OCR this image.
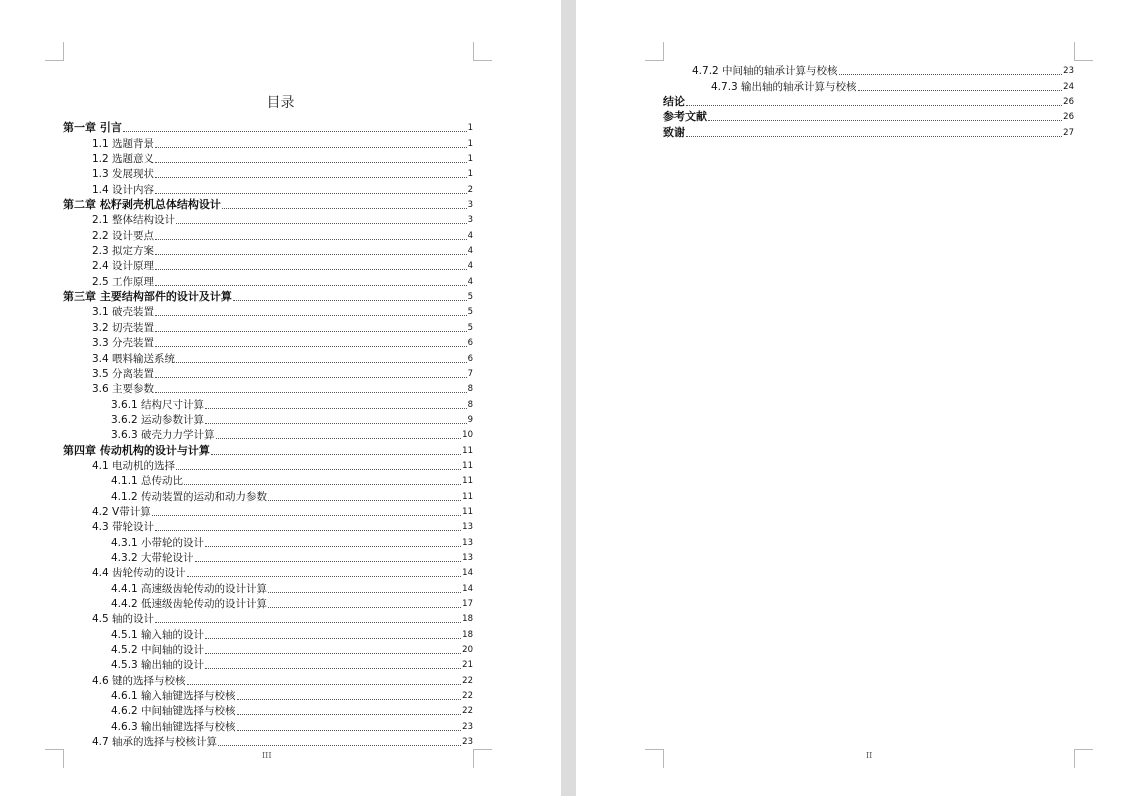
目录
第一章 引言	1
1.1 选题背景	1
1.2 选题意义	1
1.3 发展现状	1
1.4 设计内容	2
第二章 松籽剥壳机总体结构设计	3
2.1 整体结构设计	3
2.2 设计要点	4
2.3 拟定方案	4
2.4 设计原理	4
2.5 工作原理	4
第三章 主要结构部件的设计及计算	5
3.1 破壳装置	5
3.2 切壳装置	5
3.3 分壳装置	6
3.4 喂料输送系统	6
3.5 分离装置	7
3.6 主要参数	8
3.6.1 结构尺寸计算	8
3.6.2 运动参数计算	9
3.6.3 破壳力力学计算	10
第四章 传动机构的设计与计算	11
4.1 电动机的选择	11
4.1.1 总传动比	11
4.1.2 传动装置的运动和动力参数	11
4.2 V带计算	11
4.3 带轮设计	13
4.3.1 小带轮的设计	13
4.3.2 大带轮设计	13
4.4 齿轮传动的设计	14
4.4.1 高速级齿轮传动的设计计算	14
4.4.2 低速级齿轮传动的设计计算	17
4.5 轴的设计	18
4.5.1 输入轴的设计	18
4.5.2 中间轴的设计	20
4.5.3 输出轴的设计	21
4.6 键的选择与校核	22
4.6.1 输入轴键选择与校核	22
4.6.2 中间轴键选择与校核	22
4.6.3 输出轴键选择与校核	23
4.7 轴承的选择与校核计算	23
III	II
4.7.2 中间轴的轴承计算与校核	23
4.7.3 输出轴的轴承计算与校核	24
结论	26
参考文献	26
致谢	27
